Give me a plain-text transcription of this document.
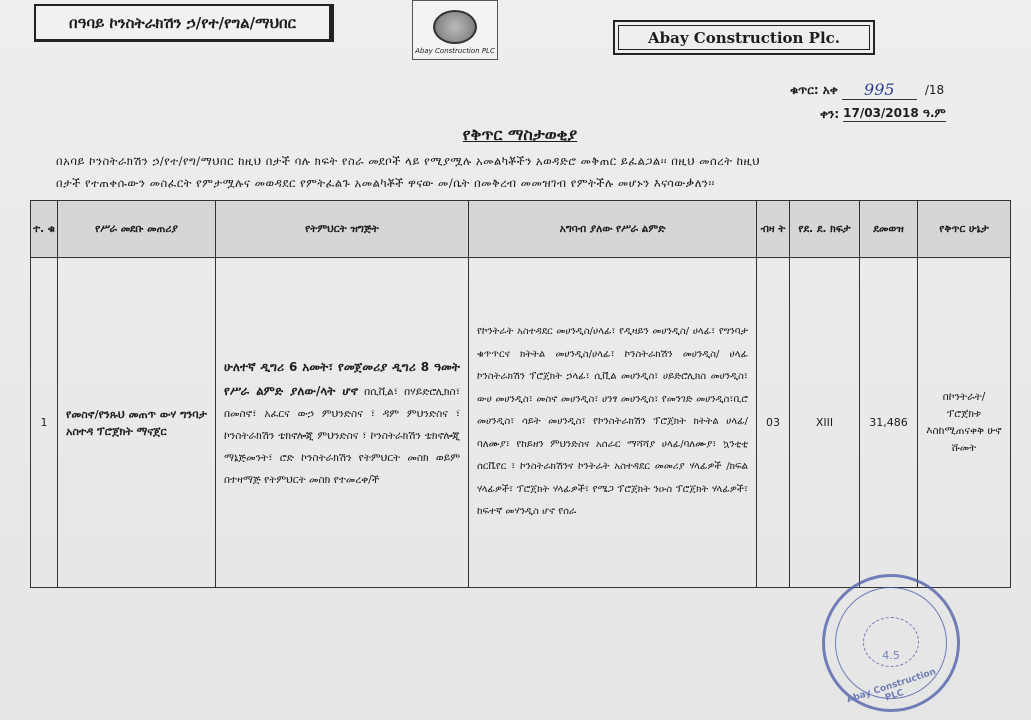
በዓባይ ኮንስትራክሽን ኃ/የተ/የግል/ማህበር
Abay Construction PLC
Abay Construction Plc.
ቁጥር: አቀ	995	/18
ቀን: 17/03/2018 ዓ.ም
የቅጥር ማስታወቂያ

በአባይ ኮንስትራክሽን ኃ/የተ/የግ/ማህበር ከዚህ በታች ባሉ ክፍት የስራ መደቦች ላይ የሚያሟሉ አመልካቾችን አወዳድሮ መቅጠር ይፈልጋል፡፡ በዚህ መሰረት ከዚህ

በታች የተጠቀሱውን መስፈርት የምታሟሉና መወዳደር የምትፈልጉ አመልካቾች ዋናው መ/ቤት በመቅረብ መመዝገብ የምትችሉ መሆኑን እናሳውቃለን፡፡

ተ. ቁ	የሥራ መደቡ መጠሪያ	የትምህርት ዝግጅት	አግባብ ያለው የሥራ ልምድ	ብዛ ት	የደ. ደ. ክፍታ	ደመወዝ	የቅጥር ሁኔታ
1	የመስኖ/የንጹህ መጠጥ ውሃ ግንባታ አስተዳ ፕሮጀክት ማናጀር	ሁለተኛ ዲግሪ 6 አመት፣ የመጀመሪያ ዲግሪ 8 ዓመት የሥራ ልምድ ያለው/ላት ሆኖ በሲቪል፣ በሃይድሮሊክስ፣ በመስኖ፣ አፈርና ውኃ ምህንድስና ፣ ዳም ምህንድስና ፣ ኮንስትራክሽን ቴክኖሎጂ ምህንድስና ፣ ኮንስትራክሽን ቴክኖሎጂ ማኔጅመንት፣ ሮድ ኮንስትራክሽን የትምህርት መስክ ወይም በተዛማጅ የትምህርት መስክ የተመረቀ/ች	የኮንትራት አስተዳደር መሀንዲስ/ሀላፊ፣ የዲዛይን መሀንዲስ/ ሀላፊ፣ የግንባታ ቁጥጥርና ክትትል መሀንዲስ/ሀላፊ፣ ኮንስትራክሽን መሀንዲስ/ ሀላፊ ኮንስትራክሽን ፕሮጀክት ኃላፊ፣ ሲቪል መሀንዲስ፣ ሀይድሮሊክስ መሀንዲስ፣ ውሀ መሀንዲስ፣ መስኖ መሀንዲስ፣ ሀንፃ መሀንዲስ፣ የመንገድ መሀንዲስ፣ቢሮ መሀንዲስ፣ ሳይት መሀንዲስ፣ የኮንስትራክሽን ፕሮጀክት ክትትል ሀላፊ/ ባለሙያ፣ የከይዘን ምህንድስና አሰራር ማሻሻያ ሀላፊ/ባለሙያ፣ ኳንቲቲ ሰርቬየር ፣ ኮንስትራክሽንና ኮንትራት አስተዳደር መመሪያ ሃላፊዎች /ክፍል ሃላፊዎች፣ ፕሮጀክት ሃላፊዎች፣ የሜጋ ፕሮጀክት ንዑስ ፕሮጀክት ሃላፊዎች፣ ከፍተኛ መሃንዲስ ሆኖ የሰራ	03	XIII	31,486	በኮንትራት/ ፕሮጀክቱ እስከሚጠናቀቅ ሁኖ ሹመት
4.5
Abay Construction PLC
